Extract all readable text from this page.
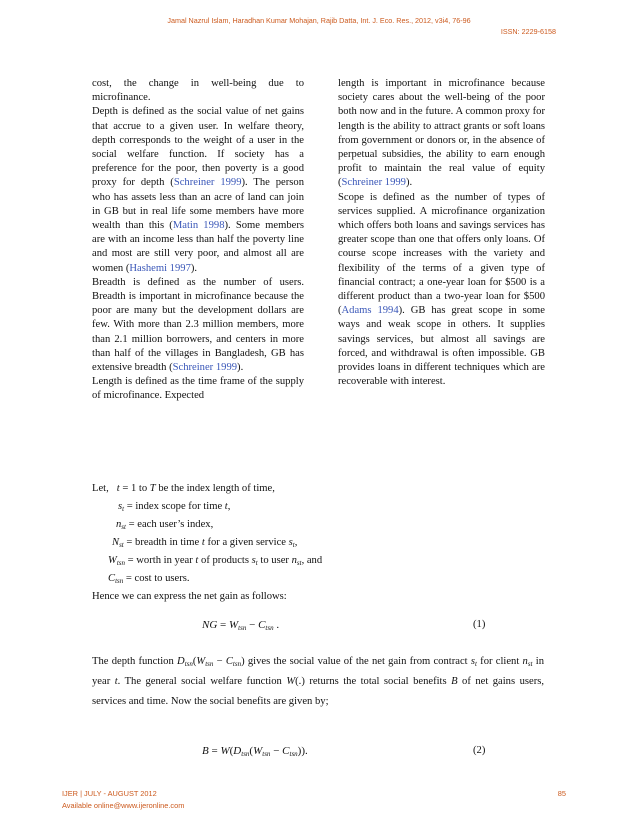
Jamal Nazrul Islam, Haradhan Kumar Mohajan, Rajib Datta, Int. J. Eco. Res., 2012, v3i4, 76-96
ISSN: 2229-6158

cost, the change in well-being due to microfinance.

Depth is defined as the social value of net gains that accrue to a given user. In welfare theory, depth corresponds to the weight of a user in the social welfare function. If society has a preference for the poor, then poverty is a good proxy for depth (Schreiner 1999). The person who has assets less than an acre of land can join in GB but in real life some members have more wealth than this (Matin 1998). Some members are with an income less than half the poverty line and most are still very poor, and almost all are women (Hashemi 1997).

Breadth is defined as the number of users. Breadth is important in microfinance because the poor are many but the development dollars are few. With more than 2.3 million members, more than 2.1 million borrowers, and centers in more than half of the villages in Bangladesh, GB has extensive breadth (Schreiner 1999).

Length is defined as the time frame of the supply of microfinance. Expected

length is important in microfinance because society cares about the well-being of the poor both now and in the future. A common proxy for length is the ability to attract grants or soft loans from government or donors or, in the absence of perpetual subsidies, the ability to earn enough profit to maintain the real value of equity (Schreiner 1999).

Scope is defined as the number of types of services supplied. A microfinance organization which offers both loans and savings services has greater scope than one that offers only loans. Of course scope increases with the variety and flexibility of the terms of a given type of financial contract; a one-year loan for $500 is a different product than a two-year loan for $500 (Adams 1994). GB has great scope in some ways and weak scope in others. It supplies savings services, but almost all savings are forced, and withdrawal is often impossible. GB provides loans in different techniques which are recoverable with interest.

Let, t = 1 to T be the index length of time,
$s_t$ = index scope for time t,
$n_{st}$ = each user’s index,
$N_{st}$ = breadth in time t for a given service $s_t$,
$W_{tsn}$ = worth in year t of products $s_t$ to user $n_{st}$, and
$C_{tsn} = \cos t$ to users.
Hence we can express the net gain as follows:
NG = $W_{tsn} - C_{tsn}$ .	(1)
The depth function $D_{tsn}(W_{tsn} - C_{tsn})$ gives the social value of the net gain from contract $s_t$ for client $n_{st}$ in year t. The general social welfare function W(.) returns the total social benefits B of net gains users, services and time. Now the social benefits are given by;
$B = W(D_{tsn}(W_{tsn} - C_{tsn}))$.	(2)
IJER | JULY - AUGUST 2012
Available online@www.ijeronline.com
85
